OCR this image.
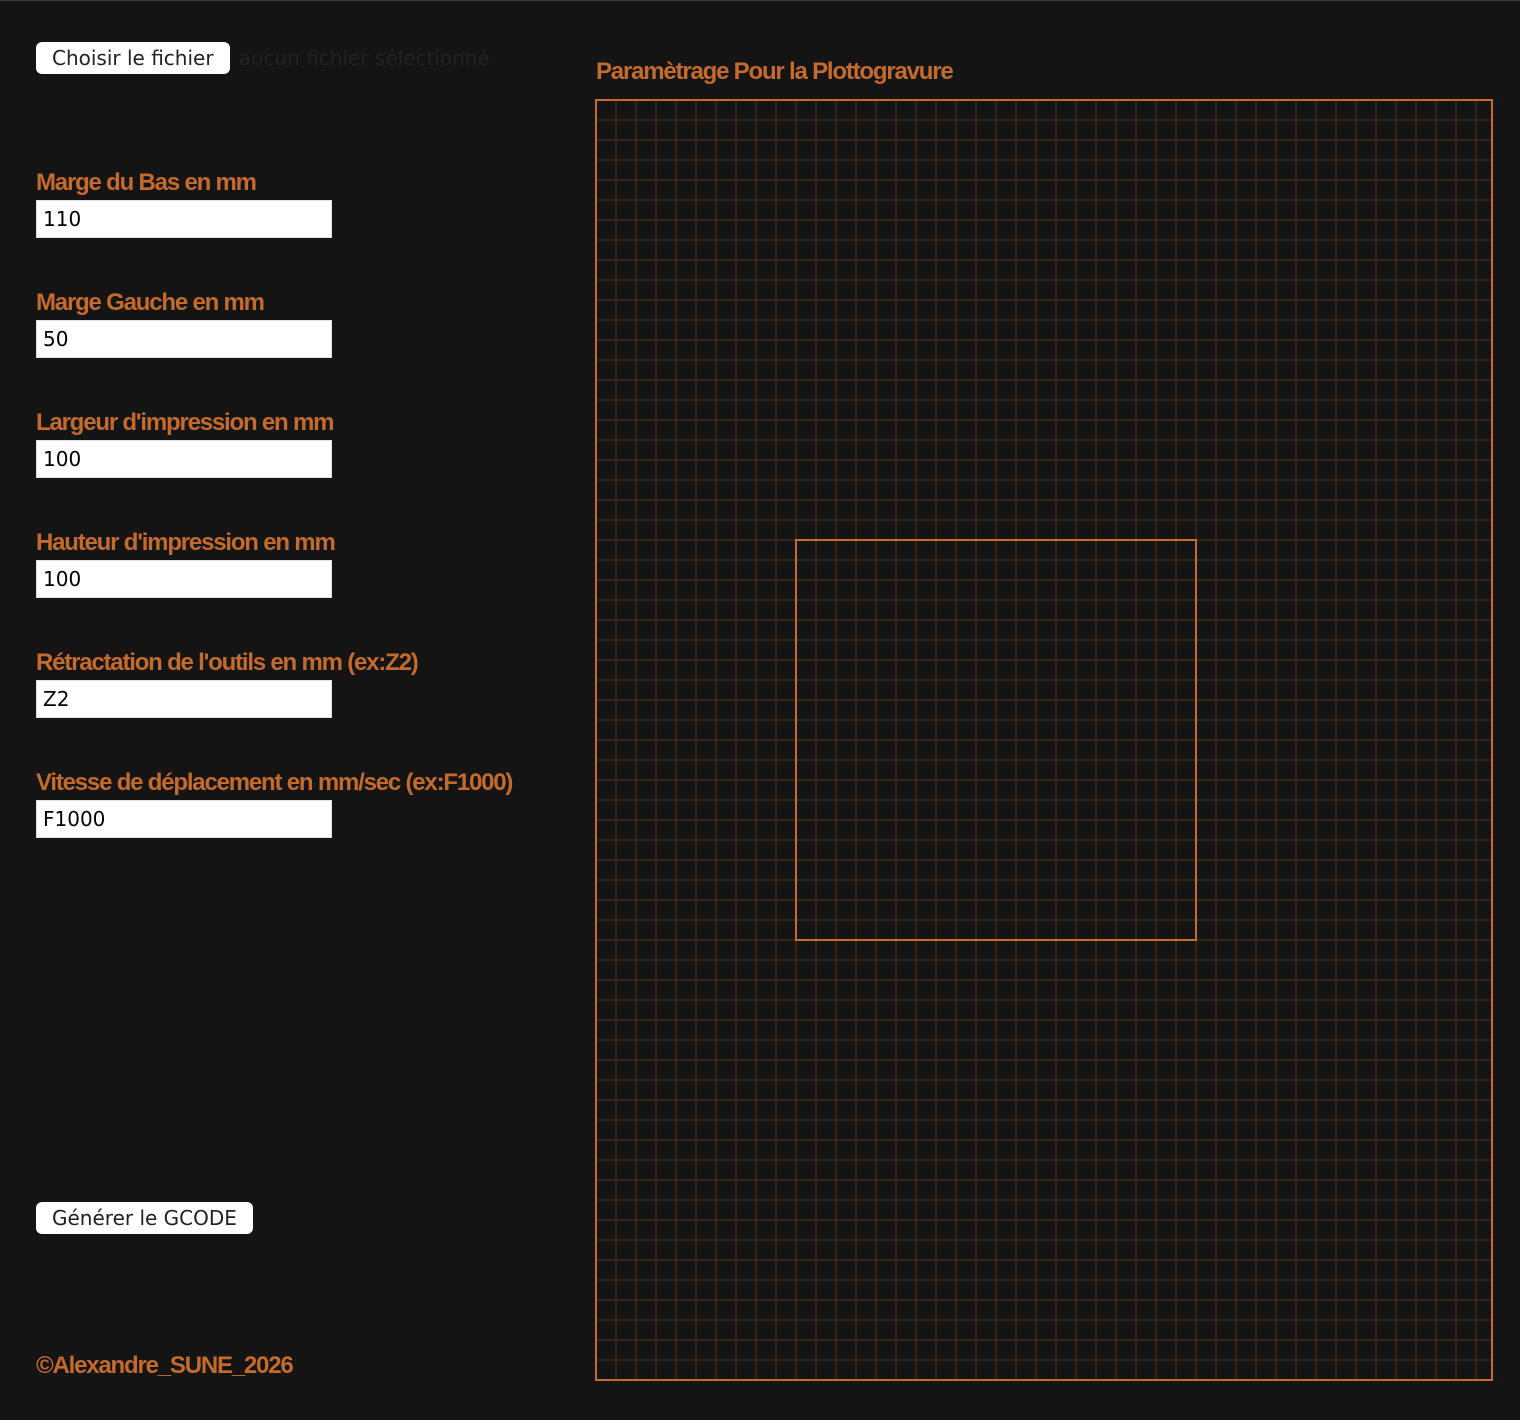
Choisir le fichier	aucun fichier sélectionné
Marge du Bas en mm
110
Marge Gauche en mm
50
Largeur d'impression en mm
100
Hauteur d'impression en mm
100
Rétractation de l'outils en mm (ex:Z2)
Z2
Vitesse de déplacement en mm/sec (ex:F1000)
F1000
Générer le GCODE
©Alexandre_SUNE_2026
Paramètrage Pour la Plottogravure
